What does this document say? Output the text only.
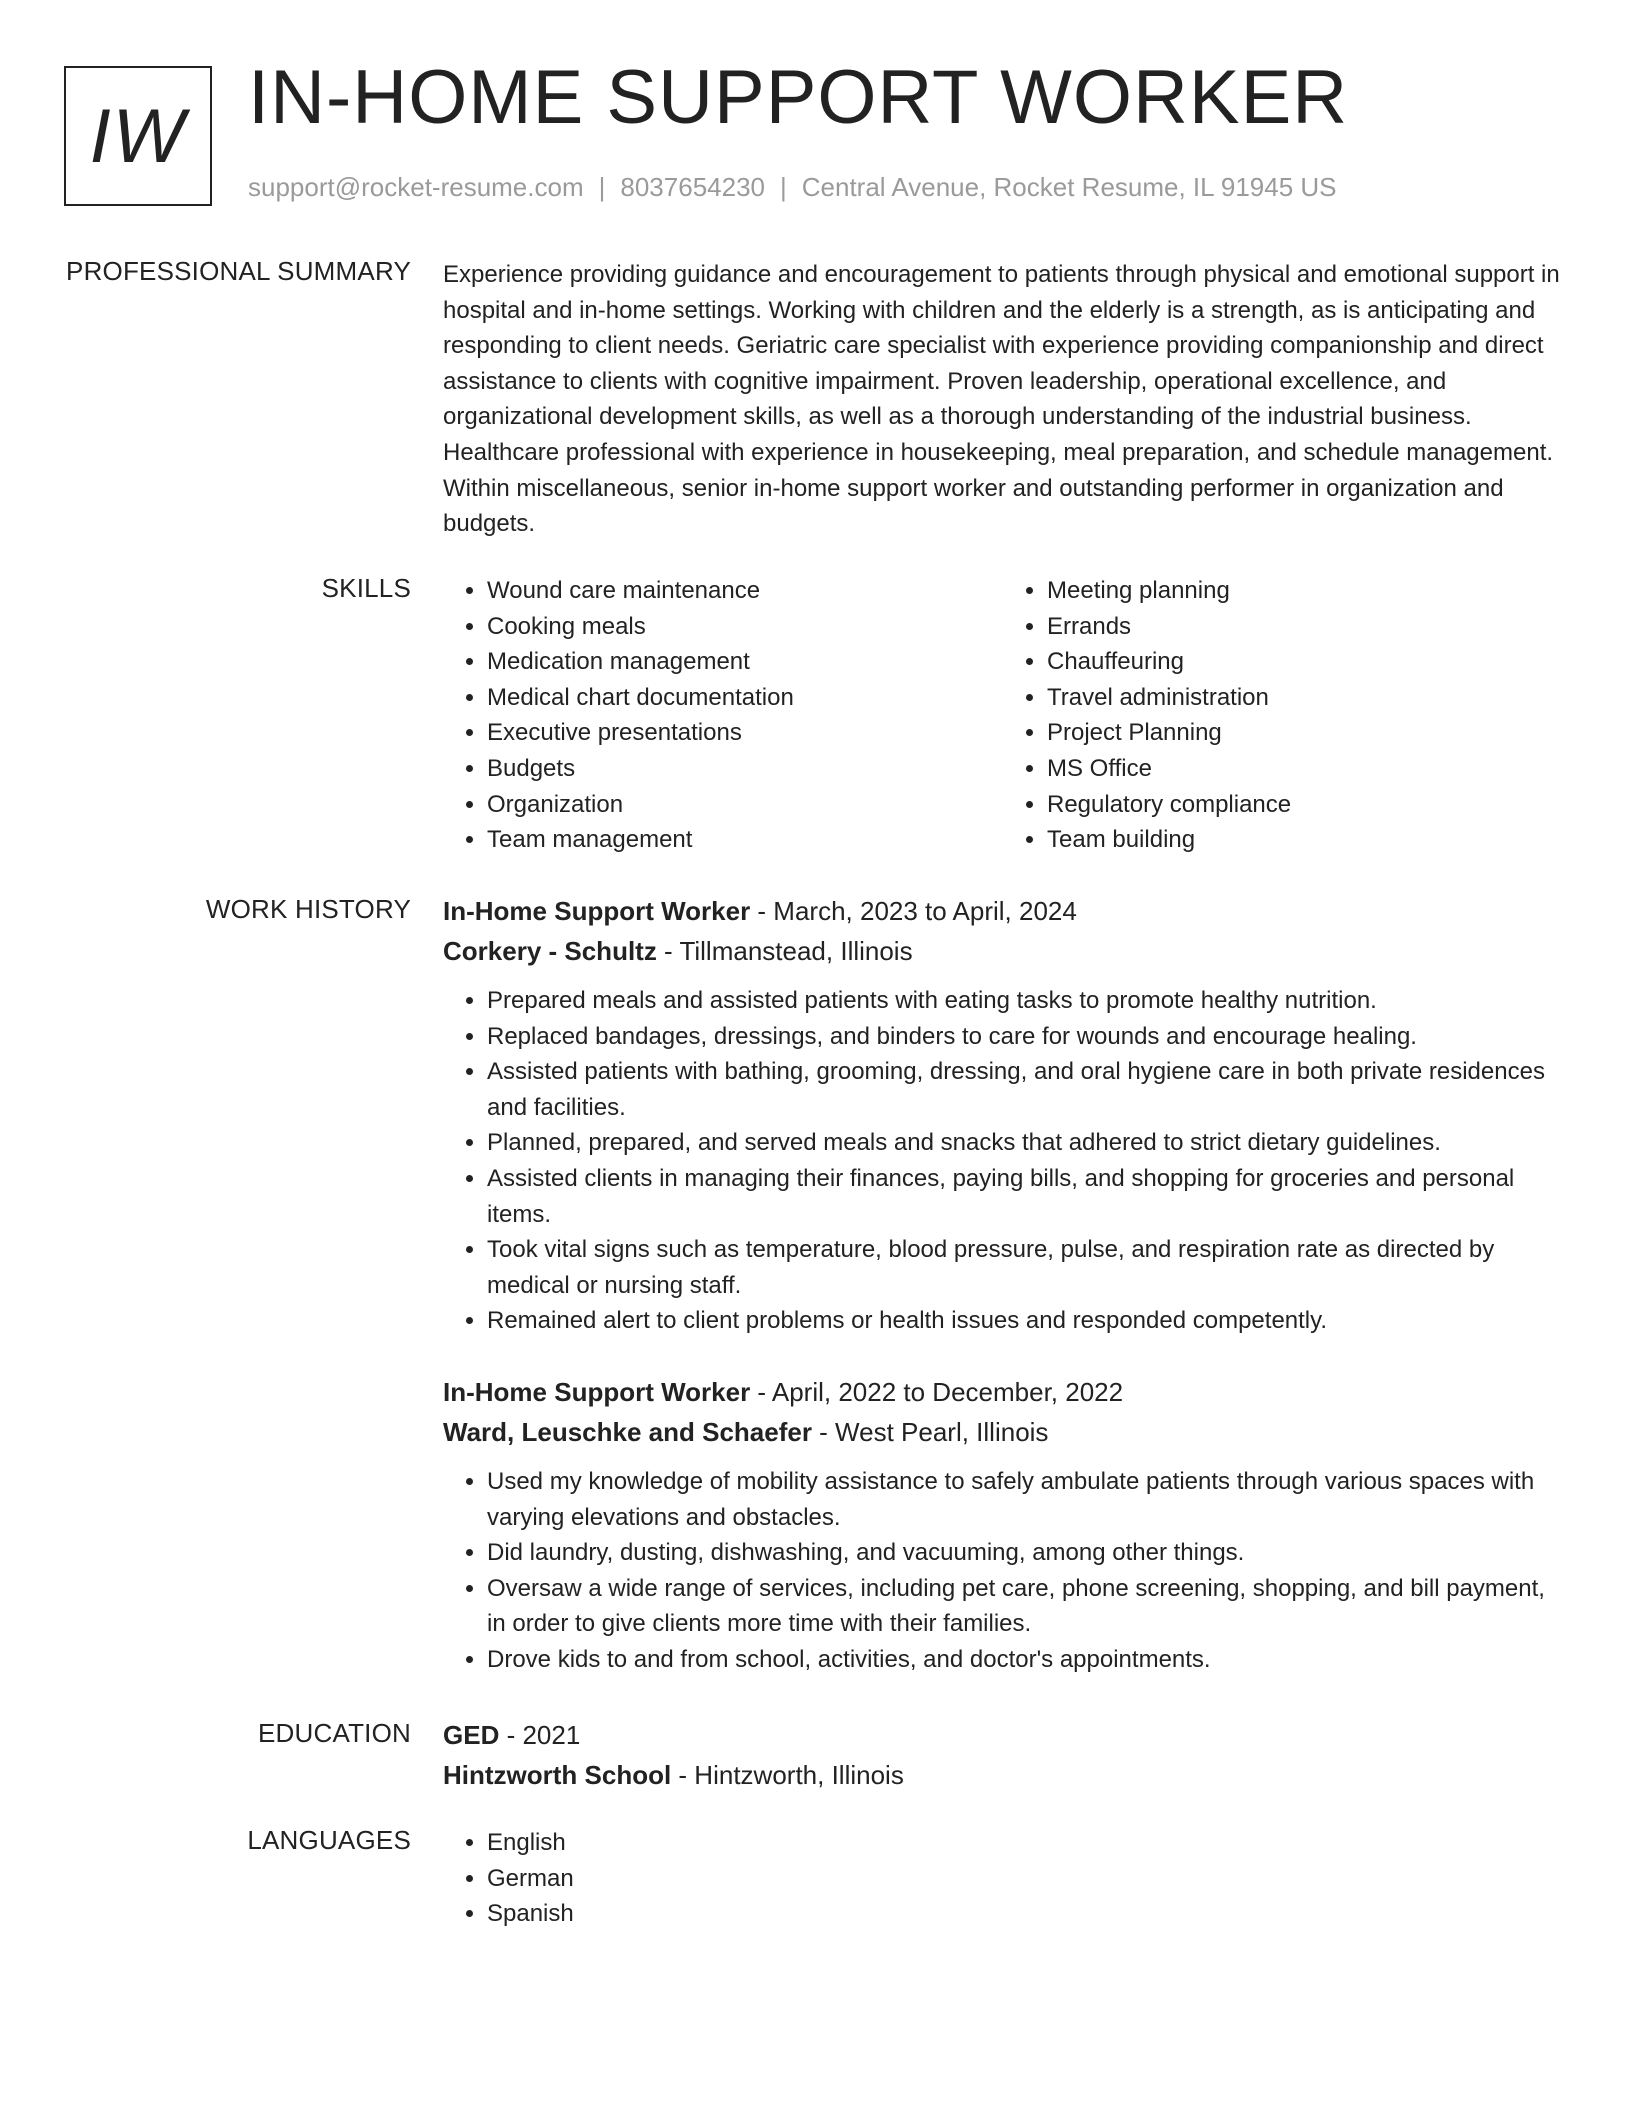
IW IN-HOME SUPPORT WORKER
support@rocket-resume.com | 8037654230 | Central Avenue, Rocket Resume, IL 91945 US
PROFESSIONAL SUMMARY Experience providing guidance and encouragement to patients through physical and emotional support in hospital and in-home settings. Working with children and the elderly is a strength, as is anticipating and responding to client needs. Geriatric care specialist with experience providing companionship and direct assistance to clients with cognitive impairment. Proven leadership, operational excellence, and organizational development skills, as well as a thorough understanding of the industrial business. Healthcare professional with experience in housekeeping, meal preparation, and schedule management. Within miscellaneous, senior in-home support worker and outstanding performer in organization and budgets.

SKILLS	• Wound care maintenance
• Cooking meals
• Medication management
• Medical chart documentation
• Executive presentations
• Budgets
• Organization
• Team management
• Meeting planning
• Errands
• Chauffeuring
• Travel administration
• Project Planning
• MS Office
• Regulatory compliance
• Team building
WORK HISTORY In-Home Support Worker - March, 2023 to April, 2024
Corkery - Schultz - Tillmanstead, Illinois
• Prepared meals and assisted patients with eating tasks to promote healthy nutrition.
• Replaced bandages, dressings, and binders to care for wounds and encourage healing.
• Assisted patients with bathing, grooming, dressing, and oral hygiene care in both private residences and facilities.
• Planned, prepared, and served meals and snacks that adhered to strict dietary guidelines.
• Assisted clients in managing their finances, paying bills, and shopping for groceries and personal items.
• Took vital signs such as temperature, blood pressure, pulse, and respiration rate as directed by medical or nursing staff.
• Remained alert to client problems or health issues and responded competently.
In-Home Support Worker - April, 2022 to December, 2022
Ward, Leuschke and Schaefer - West Pearl, Illinois
• Used my knowledge of mobility assistance to safely ambulate patients through various spaces with varying elevations and obstacles.
• Did laundry, dusting, dishwashing, and vacuuming, among other things.
• Oversaw a wide range of services, including pet care, phone screening, shopping, and bill payment, in order to give clients more time with their families.
• Drove kids to and from school, activities, and doctor's appointments.
EDUCATION GED - 2021
Hintzworth School - Hintzworth, Illinois
LANGUAGES	• English
• German
• Spanish
